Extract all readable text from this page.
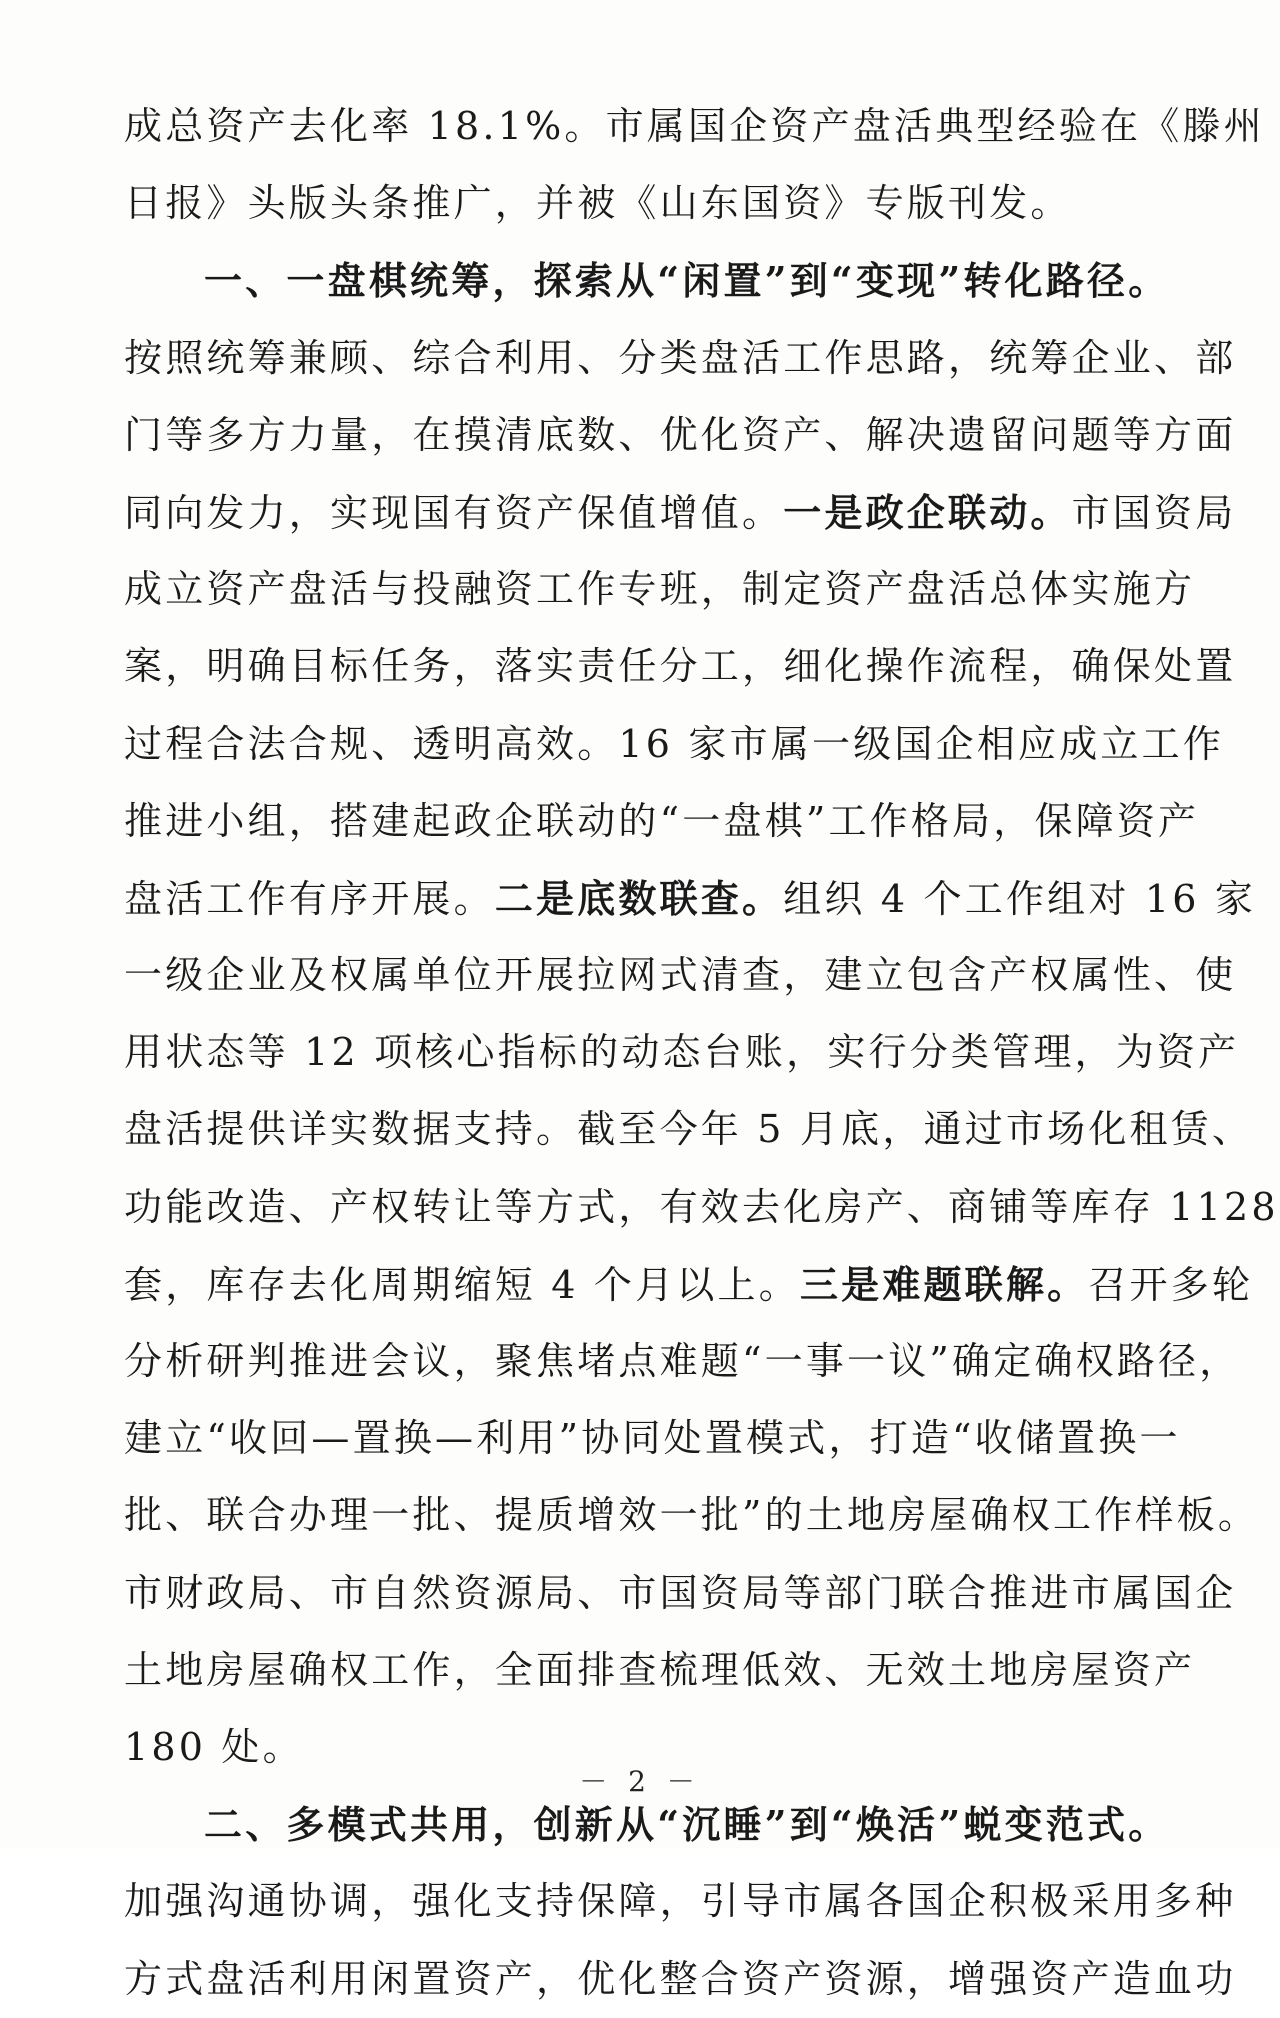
成总资产去化率 18.1%。市属国企资产盘活典型经验在《滕州
日报》头版头条推广，并被《山东国资》专版刊发。
一、一盘棋统筹，探索从“闲置”到“变现”转化路径。
按照统筹兼顾、综合利用、分类盘活工作思路，统筹企业、部
门等多方力量，在摸清底数、优化资产、解决遗留问题等方面
同向发力，实现国有资产保值增值。一是政企联动。市国资局
成立资产盘活与投融资工作专班，制定资产盘活总体实施方
案，明确目标任务，落实责任分工，细化操作流程，确保处置
过程合法合规、透明高效。16 家市属一级国企相应成立工作
推进小组，搭建起政企联动的“一盘棋”工作格局，保障资产
盘活工作有序开展。二是底数联查。组织 4 个工作组对 16 家
一级企业及权属单位开展拉网式清查，建立包含产权属性、使
用状态等 12 项核心指标的动态台账，实行分类管理，为资产
盘活提供详实数据支持。截至今年 5 月底，通过市场化租赁、
功能改造、产权转让等方式，有效去化房产、商铺等库存 1128
套，库存去化周期缩短 4 个月以上。三是难题联解。召开多轮
分析研判推进会议，聚焦堵点难题“一事一议”确定确权路径，
建立“收回—置换—利用”协同处置模式，打造“收储置换一
批、联合办理一批、提质增效一批”的土地房屋确权工作样板。
市财政局、市自然资源局、市国资局等部门联合推进市属国企
土地房屋确权工作，全面排查梳理低效、无效土地房屋资产
180 处。
二、多模式共用，创新从“沉睡”到“焕活”蜕变范式。
加强沟通协调，强化支持保障，引导市属各国企积极采用多种
方式盘活利用闲置资产，优化整合资产资源，增强资产造血功
－ 2 －
